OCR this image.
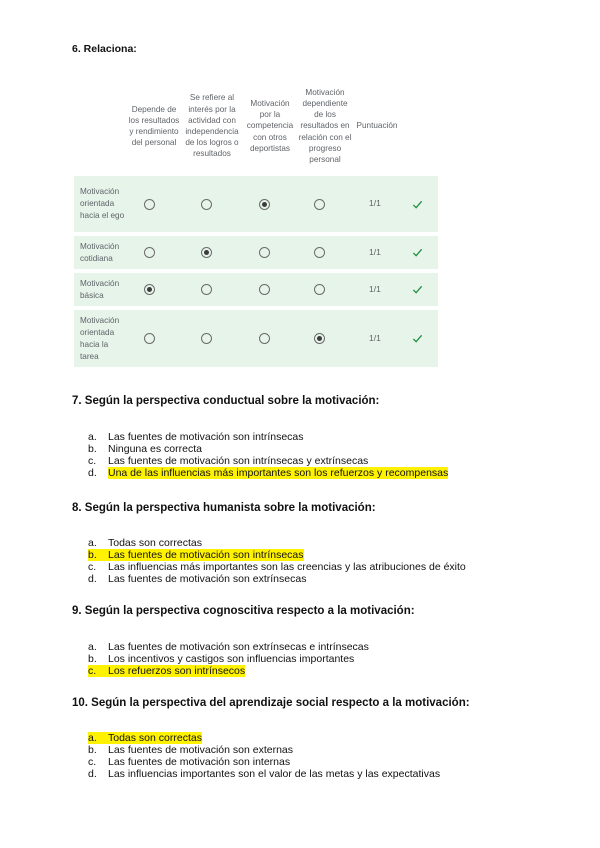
6. Relaciona:
Depende de los resultados y rendimiento del personal
Se refiere al interés por la actividad con independencia de los logros o resultados
Motivación por la competencia con otros deportistas
Motivación dependiente de los resultados en relación con el progreso personal
Puntuación
Motivación orientada hacia el ego
1/1
Motivación cotidiana
1/1
Motivación básica
1/1
Motivación orientada hacia la tarea
1/1
7. Según la perspectiva conductual sobre la motivación:
a. Las fuentes de motivación son intrínsecas
b. Ninguna es correcta
c. Las fuentes de motivación son intrínsecas y extrínsecas
d. Una de las influencias más importantes son los refuerzos y recompensas
8. Según la perspectiva humanista sobre la motivación:
a. Todas son correctas
b. Las fuentes de motivación son intrínsecas
c. Las influencias más importantes son las creencias y las atribuciones de éxito
d. Las fuentes de motivación son extrínsecas
9. Según la perspectiva cognoscitiva respecto a la motivación:
a. Las fuentes de motivación son extrínsecas e intrínsecas
b. Los incentivos y castigos son influencias importantes
c. Los refuerzos son intrínsecos
10. Según la perspectiva del aprendizaje social respecto a la motivación:
a. Todas son correctas
b. Las fuentes de motivación son externas
c. Las fuentes de motivación son internas
d. Las influencias importantes son el valor de las metas y las expectativas
